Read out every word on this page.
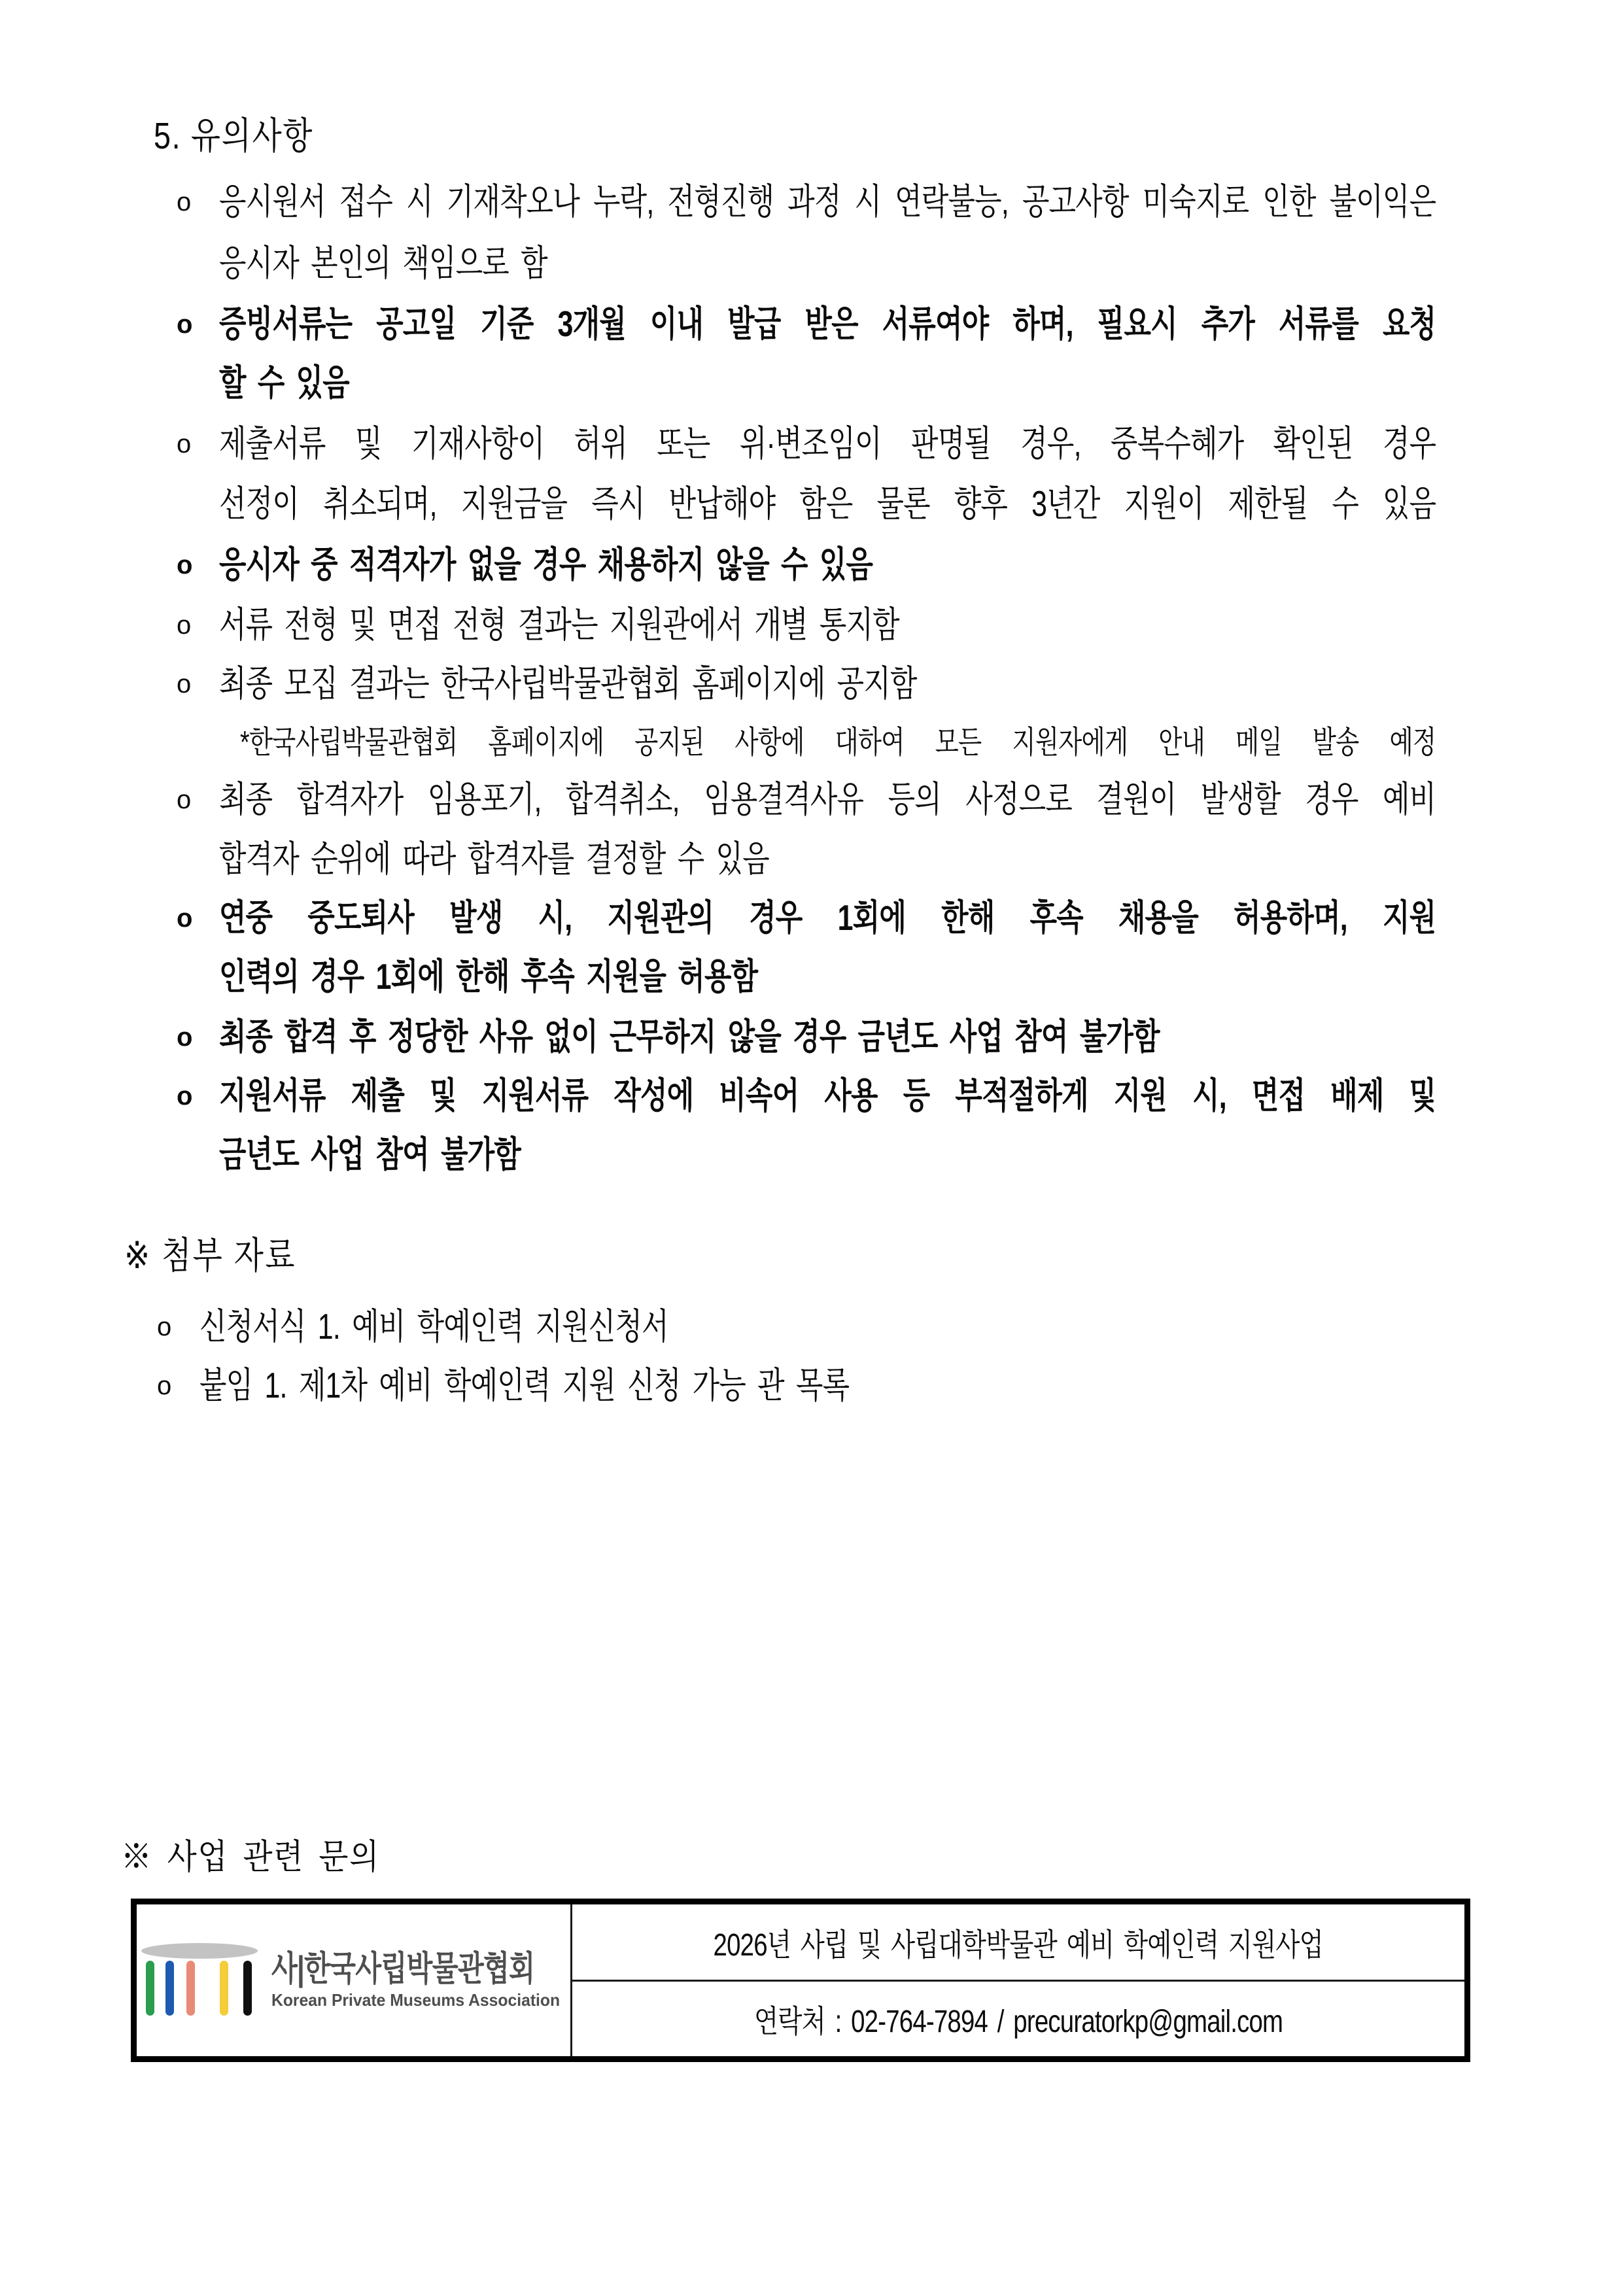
5. 유의사항
o 응시원서 접수 시 기재착오나 누락, 전형진행 과정 시 연락불능, 공고사항 미숙지로 인한 불이익은
응시자 본인의 책임으로 함
o 증빙서류는 공고일 기준 3개월 이내 발급 받은 서류여야 하며, 필요시 추가 서류를 요청
할 수 있음
o 제출서류 및 기재사항이 허위 또는 위·변조임이 판명될 경우, 중복수혜가 확인된 경우
선정이 취소되며, 지원금을 즉시 반납해야 함은 물론 향후 3년간 지원이 제한될 수 있음
o 응시자 중 적격자가 없을 경우 채용하지 않을 수 있음
o 서류 전형 및 면접 전형 결과는 지원관에서 개별 통지함
o 최종 모집 결과는 한국사립박물관협회 홈페이지에 공지함
*한국사립박물관협회 홈페이지에 공지된 사항에 대하여 모든 지원자에게 안내 메일 발송 예정
o 최종 합격자가 임용포기, 합격취소, 임용결격사유 등의 사정으로 결원이 발생할 경우 예비
합격자 순위에 따라 합격자를 결정할 수 있음
o 연중 중도퇴사 발생 시, 지원관의 경우 1회에 한해 후속 채용을 허용하며, 지원
인력의 경우 1회에 한해 후속 지원을 허용함
o 최종 합격 후 정당한 사유 없이 근무하지 않을 경우 금년도 사업 참여 불가함
o 지원서류 제출 및 지원서류 작성에 비속어 사용 등 부적절하게 지원 시, 면접 배제 및
금년도 사업 참여 불가함
※ 첨부 자료
o 신청서식 1. 예비 학예인력 지원신청서
o 붙임 1. 제1차 예비 학예인력 지원 신청 가능 관 목록
※ 사업 관련 문의
사|한국사립박물관협회
Korean Private Museums Association
2026년 사립 및 사립대학박물관 예비 학예인력 지원사업
연락처 : 02-764-7894 / precuratorkp@gmail.com
